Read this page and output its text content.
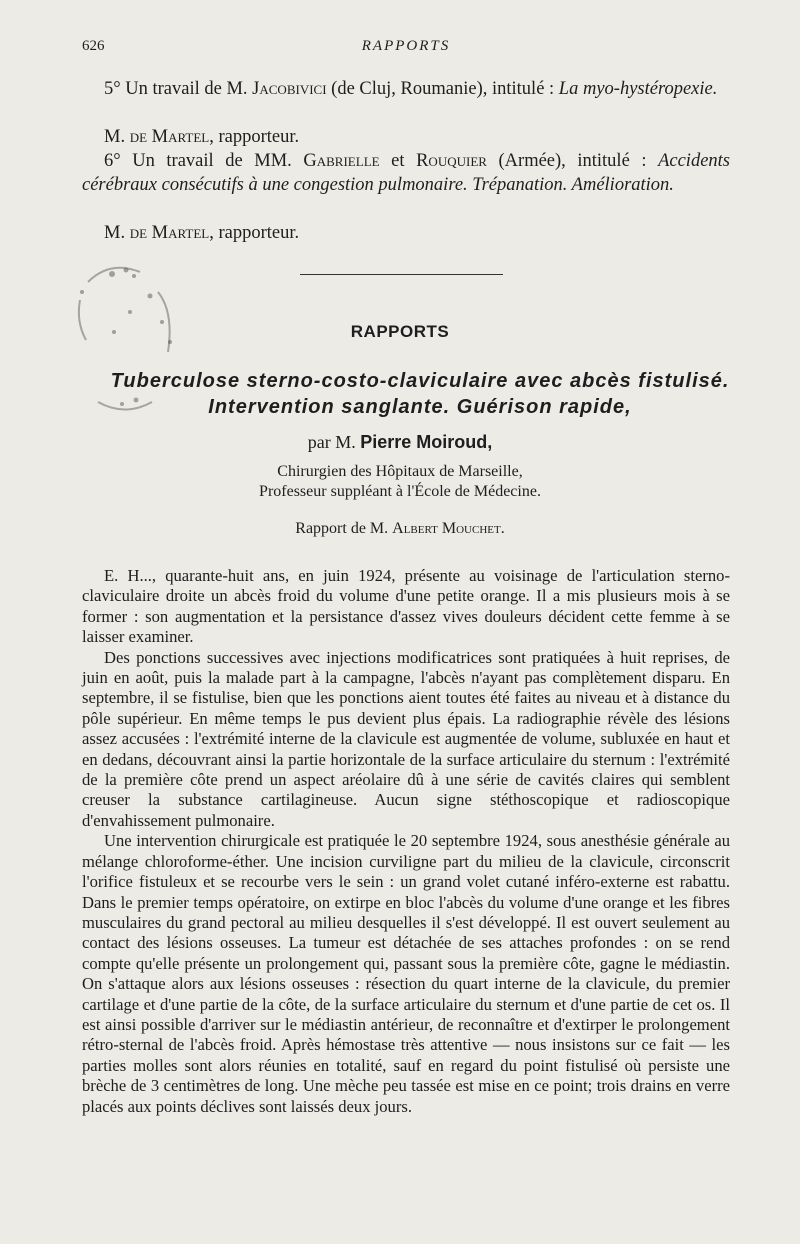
626	RAPPORTS
5° Un travail de M. Jacobivici (de Cluj, Roumanie), intitulé : La myo-hystéropexie.
M. de Martel, rapporteur.
6° Un travail de MM. Gabrielle et Rouquier (Armée), intitulé : Accidents cérébraux consécutifs à une congestion pulmonaire. Trépanation. Amélioration.
M. de Martel, rapporteur.
RAPPORTS
Tuberculose sterno-costo-claviculaire avec abcès fistulisé.
Intervention sanglante. Guérison rapide,
par M. Pierre Moiroud,
Chirurgien des Hôpitaux de Marseille,
Professeur suppléant à l'École de Médecine.
Rapport de M. Albert Mouchet.

E. H..., quarante-huit ans, en juin 1924, présente au voisinage de l'articulation sterno-claviculaire droite un abcès froid du volume d'une petite orange. Il a mis plusieurs mois à se former : son augmentation et la persistance d'assez vives douleurs décident cette femme à se laisser examiner.

Des ponctions successives avec injections modificatrices sont pratiquées à huit reprises, de juin en août, puis la malade part à la campagne, l'abcès n'ayant pas complètement disparu. En septembre, il se fistulise, bien que les ponctions aient toutes été faites au niveau et à distance du pôle supérieur. En même temps le pus devient plus épais. La radiographie révèle des lésions assez accusées : l'extrémité interne de la clavicule est augmentée de volume, subluxée en haut et en dedans, découvrant ainsi la partie horizontale de la surface articulaire du sternum : l'extrémité de la première côte prend un aspect aréolaire dû à une série de cavités claires qui semblent creuser la substance cartilagineuse. Aucun signe stéthoscopique et radioscopique d'envahissement pulmonaire.

Une intervention chirurgicale est pratiquée le 20 septembre 1924, sous anesthésie générale au mélange chloroforme-éther. Une incision curviligne part du milieu de la clavicule, circonscrit l'orifice fistuleux et se recourbe vers le sein : un grand volet cutané inféro-externe est rabattu. Dans le premier temps opératoire, on extirpe en bloc l'abcès du volume d'une orange et les fibres musculaires du grand pectoral au milieu desquelles il s'est développé. Il est ouvert seulement au contact des lésions osseuses. La tumeur est détachée de ses attaches profondes : on se rend compte qu'elle présente un prolongement qui, passant sous la première côte, gagne le médiastin. On s'attaque alors aux lésions osseuses : résection du quart interne de la clavicule, du premier cartilage et d'une partie de la côte, de la surface articulaire du sternum et d'une partie de cet os. Il est ainsi possible d'arriver sur le médiastin antérieur, de reconnaître et d'extirper le prolongement rétro-sternal de l'abcès froid. Après hémostase très attentive — nous insistons sur ce fait — les parties molles sont alors réunies en totalité, sauf en regard du point fistulisé où persiste une brèche de 3 centimètres de long. Une mèche peu tassée est mise en ce point; trois drains en verre placés aux points déclives sont laissés deux jours.
